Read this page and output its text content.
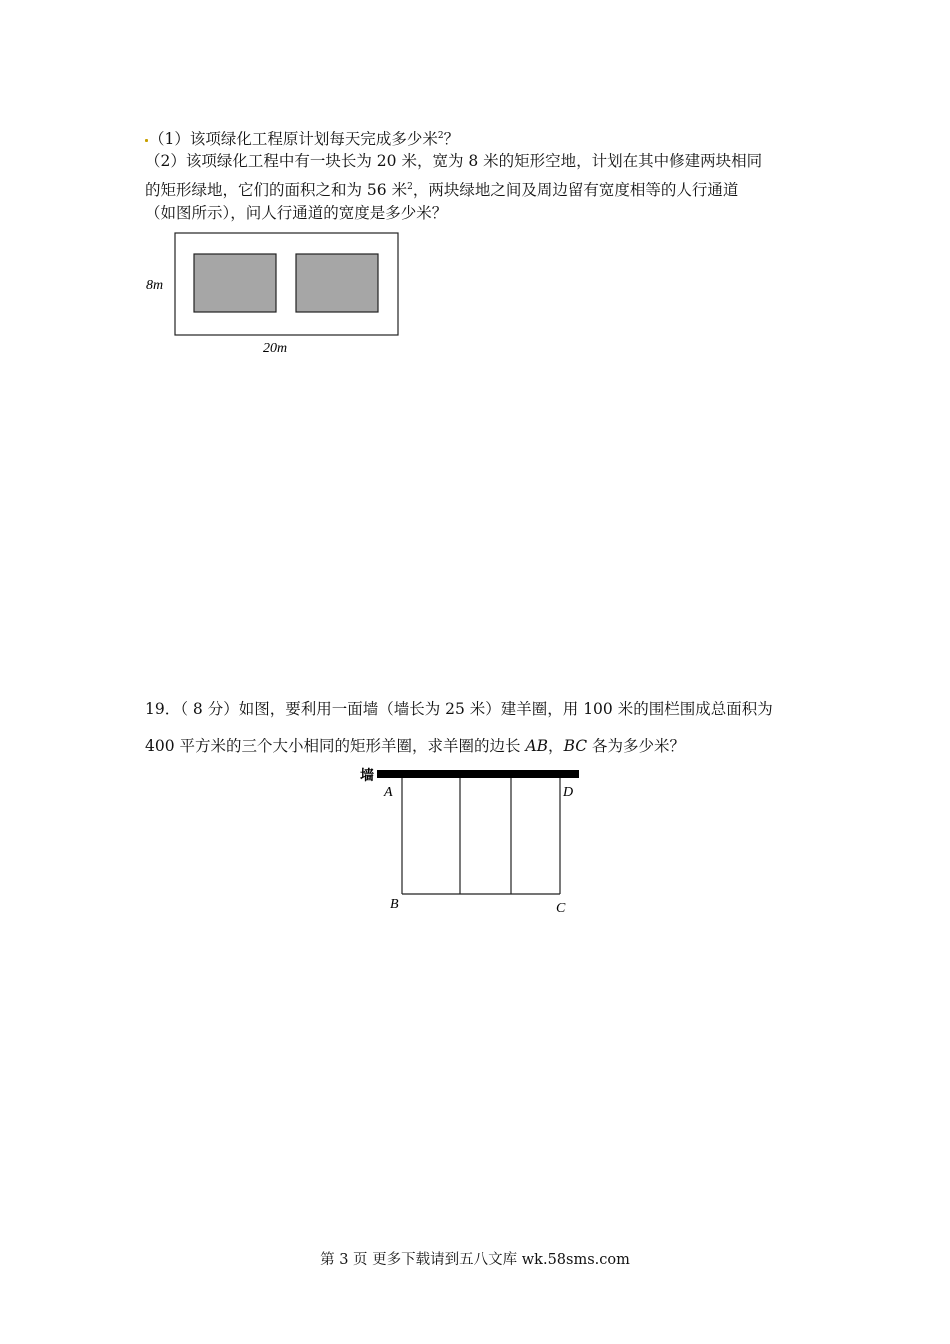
（1）该项绿化工程原计划每天完成多少米$^2$？
（2）该项绿化工程中有一块长为 20 米，宽为 8 米的矩形空地，计划在其中修建两块相同
的矩形绿地，它们的面积之和为 56 米$^2$，两块绿地之间及周边留有宽度相等的人行通道
（如图所示），问人行通道的宽度是多少米？
8m
20m
19．（ 8 分）如图，要利用一面墙（墙长为 25 米）建羊圈，用 100 米的围栏围成总面积为
400 平方米的三个大小相同的矩形羊圈，求羊圈的边长 AB，BC 各为多少米？
墙
A	D
B	C
第 3 页 更多下载请到五八文库 wk.58sms.com
